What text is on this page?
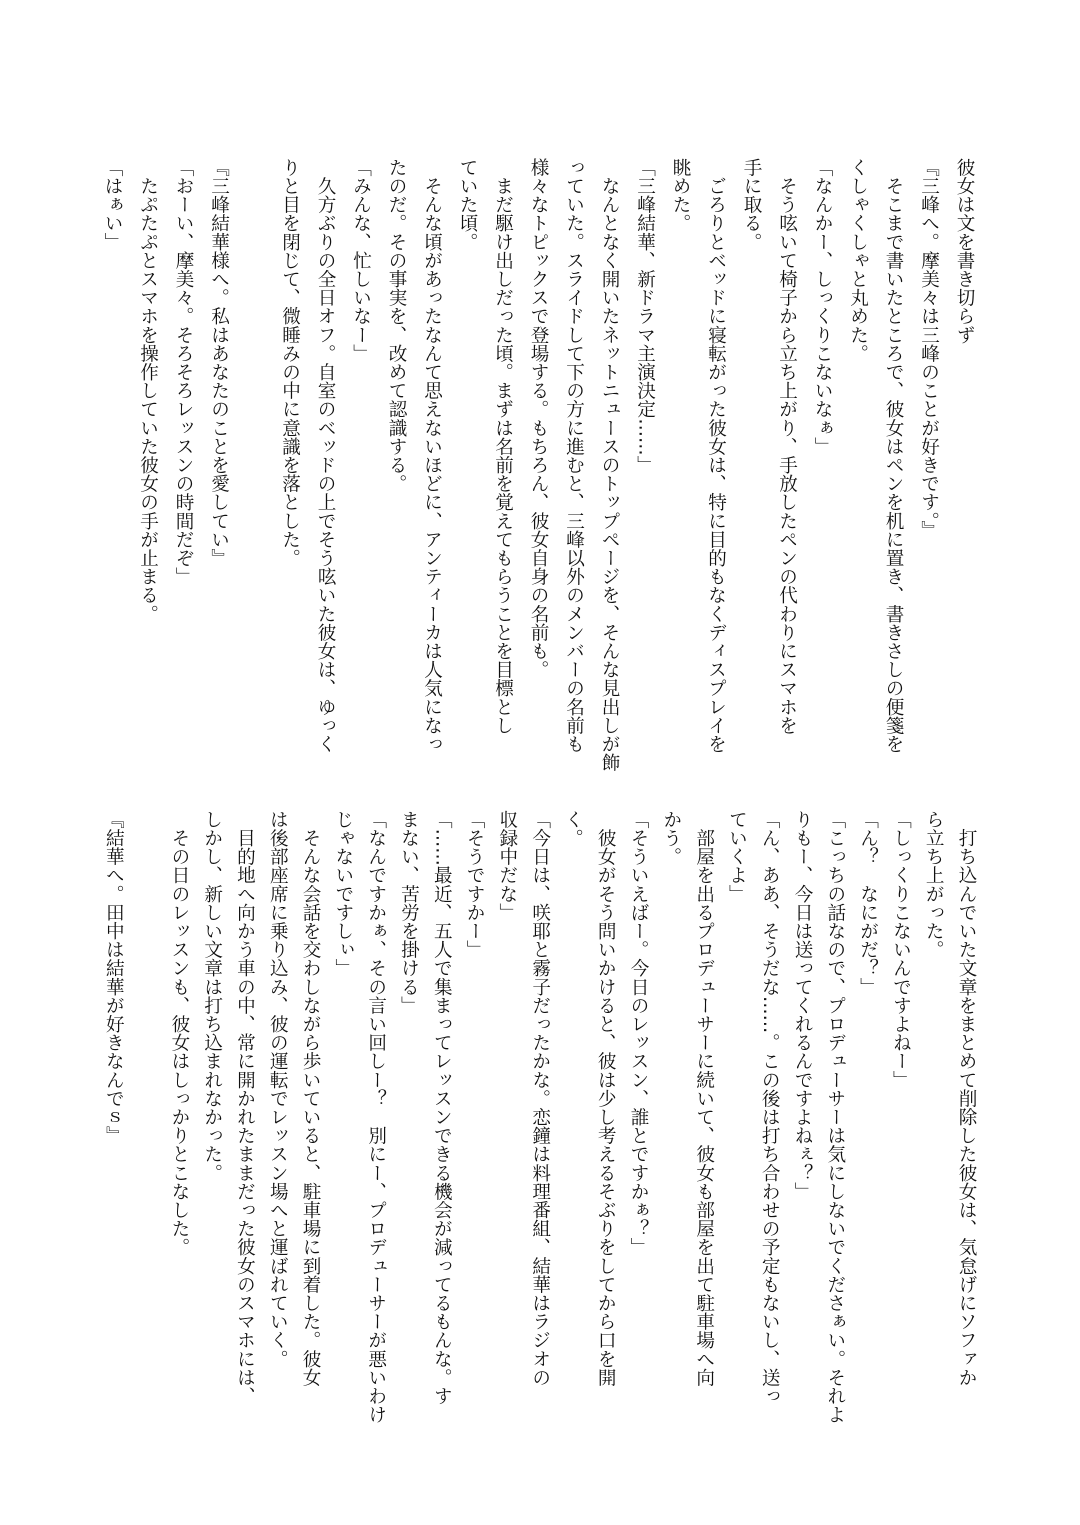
彼女は文を書き切らず
『三峰へ。摩美々は三峰のことが好きです。』
　そこまで書いたところで、彼女はペンを机に置き、書きさしの便箋を
くしゃくしゃと丸めた。
「なんかー、しっくりこないなぁ」
　そう呟いて椅子から立ち上がり、手放したペンの代わりにスマホを
手に取る。
　ごろりとベッドに寝転がった彼女は、特に目的もなくディスプレイを
眺めた。
「三峰結華、新ドラマ主演決定……」
　なんとなく開いたネットニュースのトップページを、そんな見出しが飾
っていた。スライドして下の方に進むと、三峰以外のメンバーの名前も
様々なトピックスで登場する。もちろん、彼女自身の名前も。
　まだ駆け出しだった頃。まずは名前を覚えてもらうことを目標とし
ていた頃。
　そんな頃があったなんて思えないほどに、アンティーカは人気になっ
たのだ。その事実を、改めて認識する。
「みんな、忙しいなー」
　久方ぶりの全日オフ。自室のベッドの上でそう呟いた彼女は、ゆっく
りと目を閉じて、微睡みの中に意識を落とした。

『三峰結華様へ。私はあなたのことを愛してい』
「おーい、摩美々。そろそろレッスンの時間だぞ」
　たぷたぷとスマホを操作していた彼女の手が止まる。
「はぁい」
　打ち込んでいた文章をまとめて削除した彼女は、気怠げにソファか
ら立ち上がった。
「しっくりこないんですよねー」
「ん？　なにがだ？」
「こっちの話なので、プロデューサーは気にしないでくださぁい。それよ
りもー、今日は送ってくれるんですよねぇ？」
「ん、ああ、そうだな……。この後は打ち合わせの予定もないし、送っ
ていくよ」
　部屋を出るプロデューサーに続いて、彼女も部屋を出て駐車場へ向
かう。
「そういえばー。今日のレッスン、誰とですかぁ？」
　彼女がそう問いかけると、彼は少し考えるそぶりをしてから口を開
く。
「今日は、咲耶と霧子だったかな。恋鐘は料理番組、結華はラジオの
収録中だな」
「そうですかー」
「……最近、五人で集まってレッスンできる機会が減ってるもんな。す
まない、苦労を掛ける」
「なんですかぁ、その言い回しー？　別にー、プロデューサーが悪いわけ
じゃないですしぃ」
　そんな会話を交わしながら歩いていると、駐車場に到着した。彼女
は後部座席に乗り込み、彼の運転でレッスン場へと運ばれていく。
　目的地へ向かう車の中、常に開かれたままだった彼女のスマホには、
しかし、新しい文章は打ち込まれなかった。
　その日のレッスンも、彼女はしっかりとこなした。

『結華へ。田中は結華が好きなんでｓ』
